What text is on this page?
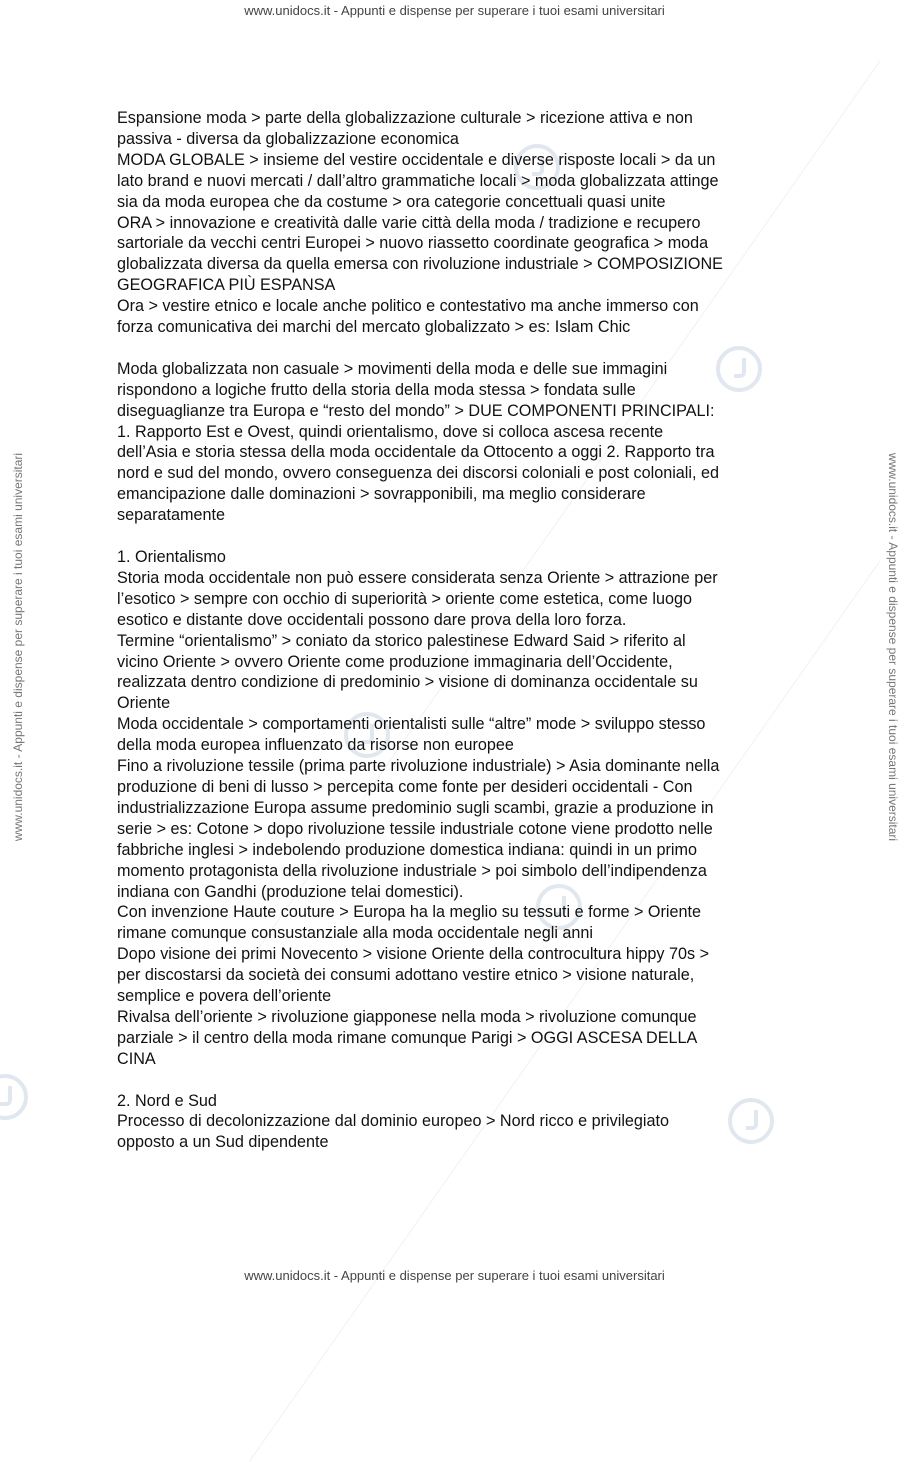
www.unidocs.it - Appunti e dispense per superare i tuoi esami universitari
www.unidocs.it - Appunti e dispense per superare i tuoi esami universitari	www.unidocs.it - Appunti e dispense per superare i tuoi esami universitari

Espansione moda > parte della globalizzazione culturale > ricezione attiva e non

passiva - diversa da globalizzazione economica

MODA GLOBALE > insieme del vestire occidentale e diverse risposte locali > da un

lato brand e nuovi mercati / dall’altro grammatiche locali > moda globalizzata attinge

sia da moda europea che da costume > ora categorie concettuali quasi unite

ORA > innovazione e creatività dalle varie città della moda / tradizione e recupero

sartoriale da vecchi centri Europei > nuovo riassetto coordinate geografica > moda

globalizzata diversa da quella emersa con rivoluzione industriale > COMPOSIZIONE

GEOGRAFICA PIÙ ESPANSA

Ora > vestire etnico e locale anche politico e contestativo ma anche immerso con

forza comunicativa dei marchi del mercato globalizzato > es: Islam Chic

Moda globalizzata non casuale > movimenti della moda e delle sue immagini

rispondono a logiche frutto della storia della moda stessa > fondata sulle

diseguaglianze tra Europa e “resto del mondo” > DUE COMPONENTI PRINCIPALI:

1. Rapporto Est e Ovest, quindi orientalismo, dove si colloca ascesa recente

dell’Asia e storia stessa della moda occidentale da Ottocento a oggi 2. Rapporto tra

nord e sud del mondo, ovvero conseguenza dei discorsi coloniali e post coloniali, ed

emancipazione dalle dominazioni > sovrapponibili, ma meglio considerare

separatamente

1. Orientalismo

Storia moda occidentale non può essere considerata senza Oriente > attrazione per

l’esotico > sempre con occhio di superiorità > oriente come estetica, come luogo

esotico e distante dove occidentali possono dare prova della loro forza.

Termine “orientalismo” > coniato da storico palestinese Edward Said > riferito al

vicino Oriente > ovvero Oriente come produzione immaginaria dell’Occidente,

realizzata dentro condizione di predominio > visione di dominanza occidentale su

Oriente

Moda occidentale > comportamenti orientalisti sulle “altre” mode > sviluppo stesso

della moda europea influenzato da risorse non europee

Fino a rivoluzione tessile (prima parte rivoluzione industriale) > Asia dominante nella

produzione di beni di lusso > percepita come fonte per desideri occidentali - Con

industrializzazione Europa assume predominio sugli scambi, grazie a produzione in

serie > es: Cotone > dopo rivoluzione tessile industriale cotone viene prodotto nelle

fabbriche inglesi > indebolendo produzione domestica indiana: quindi in un primo

momento protagonista della rivoluzione industriale > poi simbolo dell’indipendenza

indiana con Gandhi (produzione telai domestici).

Con invenzione Haute couture > Europa ha la meglio su tessuti e forme > Oriente

rimane comunque consustanziale alla moda occidentale negli anni

Dopo visione dei primi Novecento > visione Oriente della controcultura hippy 70s >

per discostarsi da società dei consumi adottano vestire etnico > visione naturale,

semplice e povera dell’oriente

Rivalsa dell’oriente > rivoluzione giapponese nella moda > rivoluzione comunque

parziale > il centro della moda rimane comunque Parigi > OGGI ASCESA DELLA

CINA

2. Nord e Sud

Processo di decolonizzazione dal dominio europeo > Nord ricco e privilegiato

opposto a un Sud dipendente

www.unidocs.it - Appunti e dispense per superare i tuoi esami universitari
